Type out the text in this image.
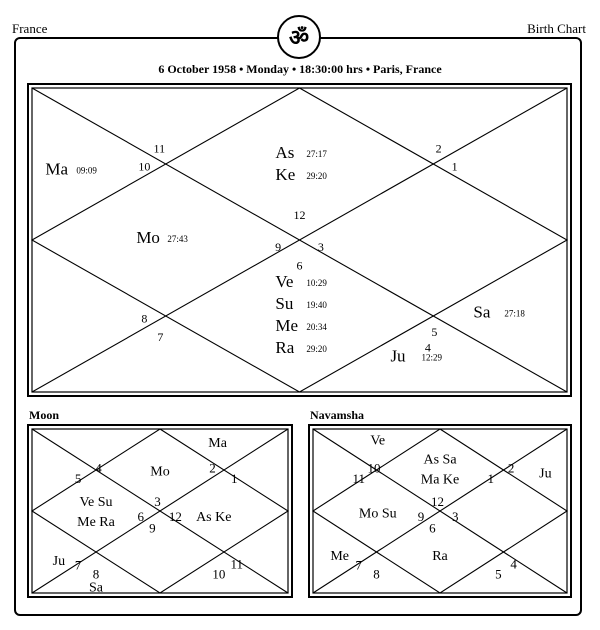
France	Birth Chart
ॐ
6 October 1958 • Monday • 18:30:00 hrs • Paris, France
12
As 27:17
Ke 29:20
11
10
9
8	Sa 27:18
7
Ju 12:29
6
Ve 10:29
Su 19:40
Me 20:34
Ra 29:20
5
4
3
Mo 27:43
2
Ma 09:09	1
3
Mo	2
1
Ma
12
11
10
9
As Ke
8
Sa
7
Ju
6
Ve Su
Me Ra
5
4
12
As Sa
Ma Ke
11
10	Ju
9
8
7
6
Ra
5
4
Me
3
Mo Su
2
1
Ve
Moon	Navamsha
